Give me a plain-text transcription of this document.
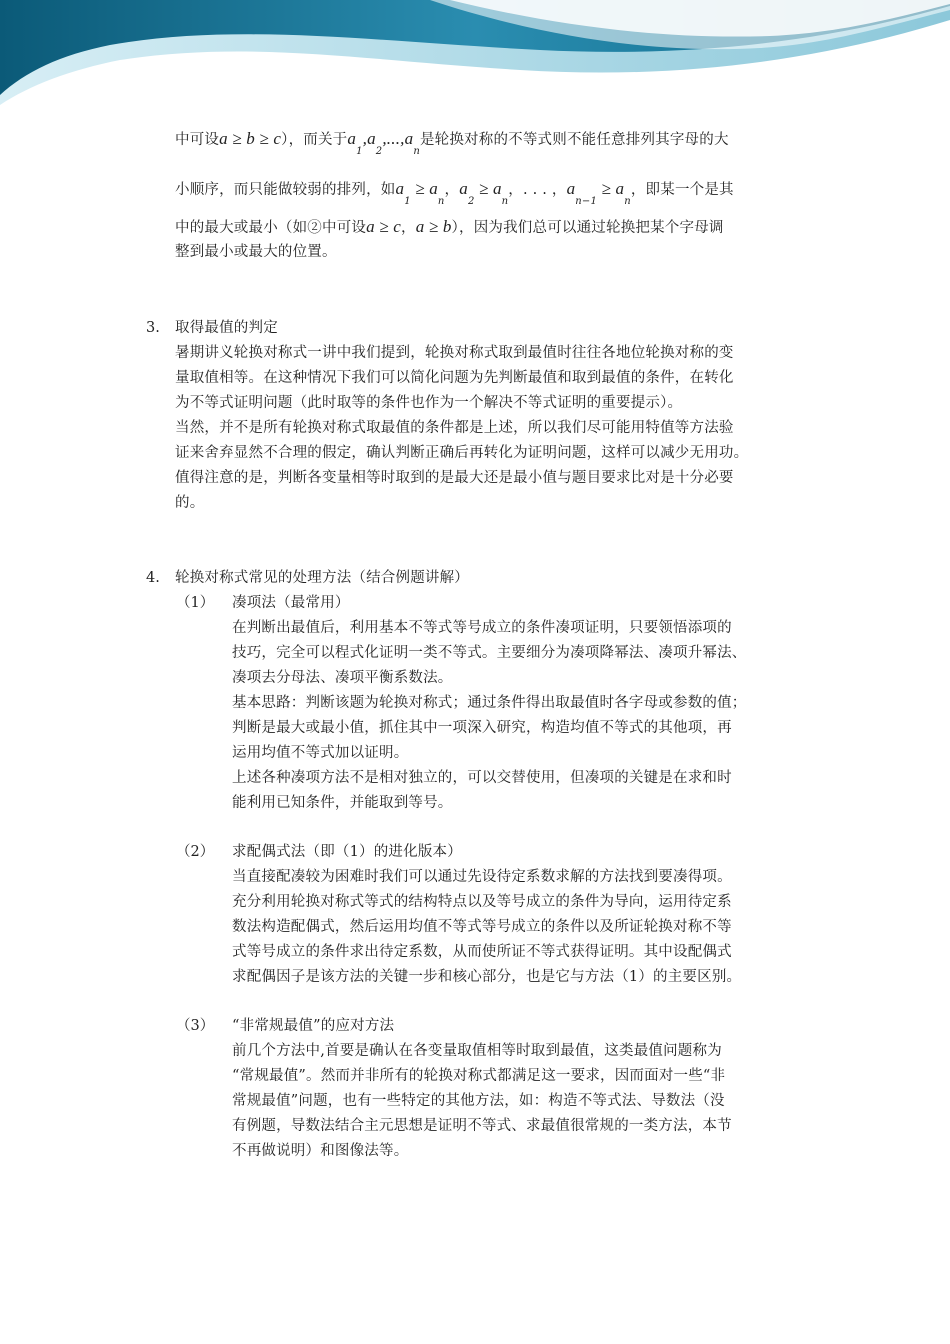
中可设a ≥ b ≥ c），而关于$a_1,a_2,...,a_n$是轮换对称的不等式则不能任意排列其字母的大
小顺序，而只能做较弱的排列，如$a_1 \ge a_n$，$a_2 \ge a_n$，. . . ，$a_{n-1} \ge a_n$，即某一个是其
中的最大或最小（如②中可设a ≥ c，a ≥ b），因为我们总可以通过轮换把某个字母调
整到最小或最大的位置。
3. 取得最值的判定
暑期讲义轮换对称式一讲中我们提到，轮换对称式取到最值时往往各地位轮换对称的变
量取值相等。在这种情况下我们可以简化问题为先判断最值和取到最值的条件，在转化
为不等式证明问题（此时取等的条件也作为一个解决不等式证明的重要提示）。
当然，并不是所有轮换对称式取最值的条件都是上述，所以我们尽可能用特值等方法验
证来舍弃显然不合理的假定，确认判断正确后再转化为证明问题，这样可以减少无用功。
值得注意的是，判断各变量相等时取到的是最大还是最小值与题目要求比对是十分必要
的。
4. 轮换对称式常见的处理方法（结合例题讲解）
（1） 凑项法（最常用）
在判断出最值后，利用基本不等式等号成立的条件凑项证明，只要领悟添项的
技巧，完全可以程式化证明一类不等式。主要细分为凑项降幂法、凑项升幂法、
凑项去分母法、凑项平衡系数法。
基本思路：判断该题为轮换对称式；通过条件得出取最值时各字母或参数的值；
判断是最大或最小值，抓住其中一项深入研究，构造均值不等式的其他项，再
运用均值不等式加以证明。
上述各种凑项方法不是相对独立的，可以交替使用，但凑项的关键是在求和时
能利用已知条件，并能取到等号。
（2） 求配偶式法（即（1）的进化版本）
当直接配凑较为困难时我们可以通过先设待定系数求解的方法找到要凑得项。
充分利用轮换对称式等式的结构特点以及等号成立的条件为导向，运用待定系
数法构造配偶式，然后运用均值不等式等号成立的条件以及所证轮换对称不等
式等号成立的条件求出待定系数，从而使所证不等式获得证明。其中设配偶式
求配偶因子是该方法的关键一步和核心部分，也是它与方法（1）的主要区别。
（3） “非常规最值”的应对方法
前几个方法中,首要是确认在各变量取值相等时取到最值，这类最值问题称为
“常规最值”。然而并非所有的轮换对称式都满足这一要求，因而面对一些“非
常规最值”问题，也有一些特定的其他方法，如：构造不等式法、导数法（没
有例题，导数法结合主元思想是证明不等式、求最值很常规的一类方法，本节
不再做说明）和图像法等。
